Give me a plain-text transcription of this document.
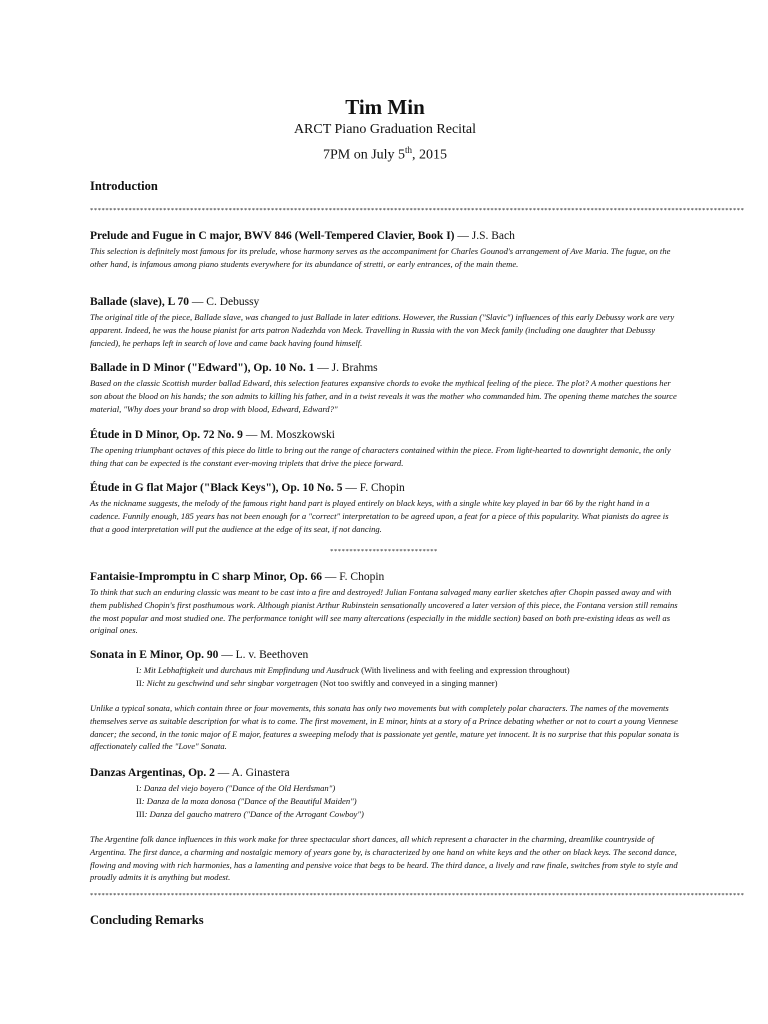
Tim Min

ARCT Piano Graduation Recital

7PM on July 5th, 2015

Introduction

**************************************************************************************************************************************************************************

Prelude and Fugue in C major, BWV 846 (Well-Tempered Clavier, Book I) — J.S. Bach

This selection is definitely most famous for its prelude, whose harmony serves as the accompaniment for Charles Gounod's arrangement of Ave Maria. The fugue, on the other hand, is infamous among piano students everywhere for its abundance of stretti, or early entrances, of the main theme.

Ballade (slave), L 70 — C. Debussy

The original title of the piece, Ballade slave, was changed to just Ballade in later editions. However, the Russian ("Slavic") influences of this early Debussy work are very apparent. Indeed, he was the house pianist for arts patron Nadezhda von Meck. Travelling in Russia with the von Meck family (including one daughter that Debussy fancied), he perhaps left in search of love and came back having found himself.

Ballade in D Minor ("Edward"), Op. 10 No. 1 — J. Brahms

Based on the classic Scottish murder ballad Edward, this selection features expansive chords to evoke the mythical feeling of the piece. The plot? A mother questions her son about the blood on his hands; the son admits to killing his father, and in a twist reveals it was the mother who commanded him. The opening theme matches the source material, "Why does your brand so drop with blood, Edward, Edward?"

Étude in D Minor, Op. 72 No. 9 — M. Moszkowski

The opening triumphant octaves of this piece do little to bring out the range of characters contained within the piece. From light-hearted to downright demonic, the only thing that can be expected is the constant ever-moving triplets that drive the piece forward.

Étude in G flat Major ("Black Keys"), Op. 10 No. 5 — F. Chopin

As the nickname suggests, the melody of the famous right hand part is played entirely on black keys, with a single white key played in bar 66 by the right hand in a cadence. Funnily enough, 185 years has not been enough for a "correct" interpretation to be agreed upon, a feat for a piece of this popularity. What pianists do agree is that a good interpretation will put the audience at the edge of its seat, if not dancing.

****************************

Fantaisie-Impromptu in C sharp Minor, Op. 66 — F. Chopin

To think that such an enduring classic was meant to be cast into a fire and destroyed! Julian Fontana salvaged many earlier sketches after Chopin passed away and with them published Chopin's first posthumous work. Although pianist Arthur Rubinstein sensationally uncovered a later version of this piece, the Fontana version still remains the most popular and most studied one. The performance tonight will see many altercations (especially in the middle section) based on both pre-existing ideas as well as original ones.

Sonata in E Minor, Op. 90 — L. v. Beethoven

I: Mit Lebhaftigkeit und durchaus mit Empfindung und Ausdruck (With liveliness and with feeling and expression throughout)
II: Nicht zu geschwind und sehr singbar vorgetragen (Not too swiftly and conveyed in a singing manner)

Unlike a typical sonata, which contain three or four movements, this sonata has only two movements but with completely polar characters. The names of the movements themselves serve as suitable description for what is to come. The first movement, in E minor, hints at a story of a Prince debating whether or not to court a young Viennese dancer; the second, in the tonic major of E major, features a sweeping melody that is passionate yet gentle, mature yet innocent. It is no surprise that this popular sonata is affectionately called the "Love" Sonata.

Danzas Argentinas, Op. 2 — A. Ginastera

I: Danza del viejo boyero ("Dance of the Old Herdsman")
II: Danza de la moza donosa ("Dance of the Beautiful Maiden")
III: Danza del gaucho matrero ("Dance of the Arrogant Cowboy")

The Argentine folk dance influences in this work make for three spectacular short dances, all which represent a character in the charming, dreamlike countryside of Argentina. The first dance, a charming and nostalgic memory of years gone by, is characterized by one hand on white keys and the other on black keys. The second dance, flowing and moving with rich harmonies, has a lamenting and pensive voice that begs to be heard. The third dance, a lively and raw finale, switches from style to style and proudly admits it is anything but modest.

**************************************************************************************************************************************************************************

Concluding Remarks
